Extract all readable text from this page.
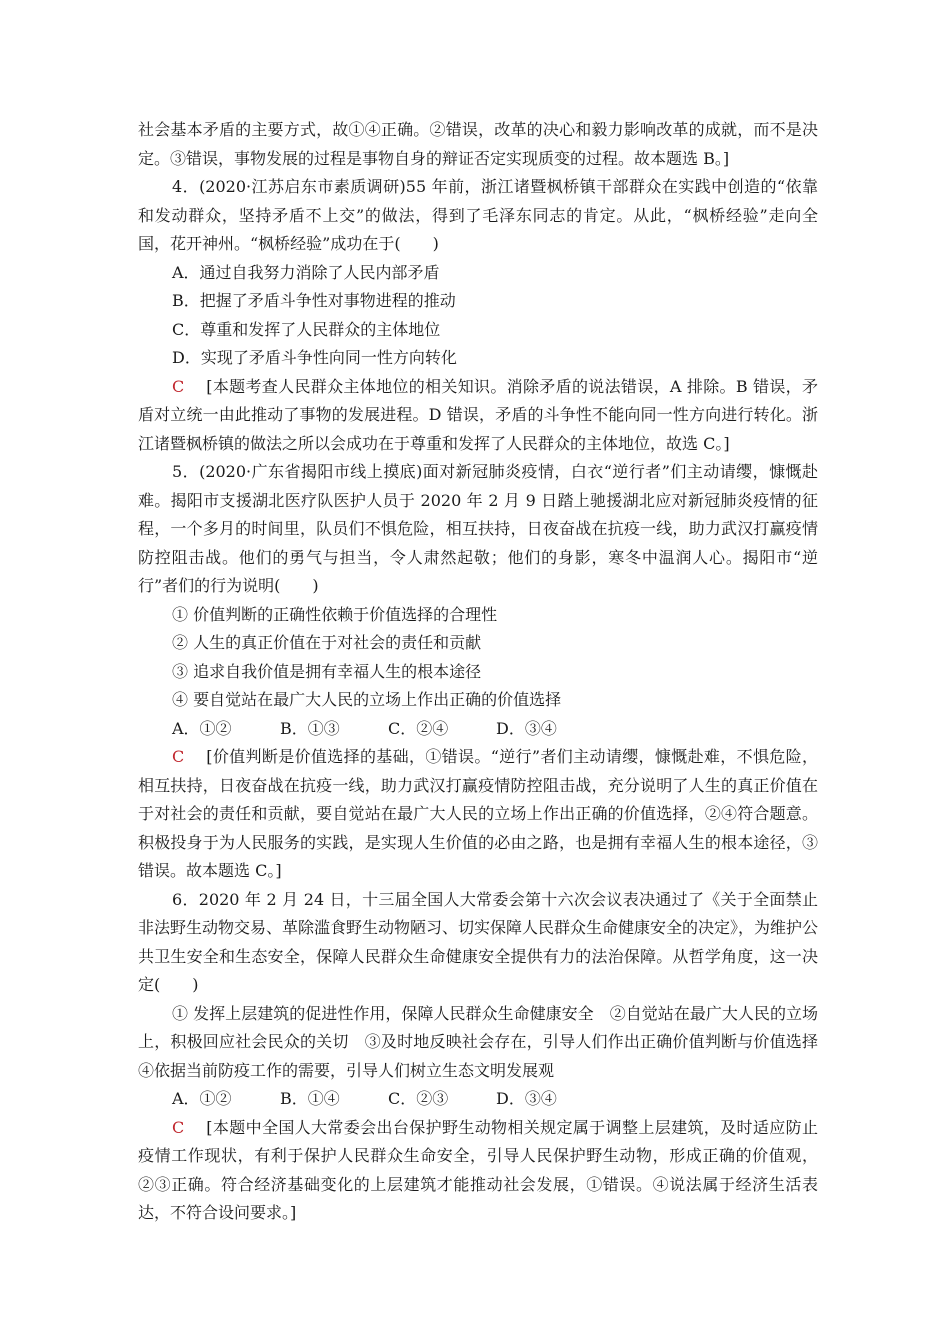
社会基本矛盾的主要方式，故①④正确。②错误，改革的决心和毅力影响改革的成就，而不是决定。③错误，事物发展的过程是事物自身的辩证否定实现质变的过程。故本题选 B。]

4．(2020·江苏启东市素质调研)55 年前，浙江诸暨枫桥镇干部群众在实践中创造的“依靠和发动群众，坚持矛盾不上交”的做法，得到了毛泽东同志的肯定。从此，“枫桥经验”走向全国，花开神州。“枫桥经验”成功在于(　　)

A．通过自我努力消除了人民内部矛盾

B．把握了矛盾斗争性对事物进程的推动

C．尊重和发挥了人民群众的主体地位

D．实现了矛盾斗争性向同一性方向转化

C [本题考查人民群众主体地位的相关知识。消除矛盾的说法错误，A 排除。B 错误，矛盾对立统一由此推动了事物的发展进程。D 错误，矛盾的斗争性不能向同一性方向进行转化。浙江诸暨枫桥镇的做法之所以会成功在于尊重和发挥了人民群众的主体地位，故选 C。]

5．(2020·广东省揭阳市线上摸底)面对新冠肺炎疫情，白衣“逆行者”们主动请缨，慷慨赴难。揭阳市支援湖北医疗队医护人员于 2020 年 2 月 9 日踏上驰援湖北应对新冠肺炎疫情的征程，一个多月的时间里，队员们不惧危险，相互扶持，日夜奋战在抗疫一线，助力武汉打赢疫情防控阻击战。他们的勇气与担当，令人肃然起敬；他们的身影，寒冬中温润人心。揭阳市“逆行”者们的行为说明(　　)

① 价值判断的正确性依赖于价值选择的合理性

② 人生的真正价值在于对社会的责任和贡献

③ 追求自我价值是拥有幸福人生的根本途径

④ 要自觉站在最广大人民的立场上作出正确的价值选择

A．①②	B．①③	C．②④	D．③④

C [价值判断是价值选择的基础，①错误。“逆行”者们主动请缨，慷慨赴难，不惧危险，相互扶持，日夜奋战在抗疫一线，助力武汉打赢疫情防控阻击战，充分说明了人生的真正价值在于对社会的责任和贡献，要自觉站在最广大人民的立场上作出正确的价值选择，②④符合题意。积极投身于为人民服务的实践，是实现人生价值的必由之路，也是拥有幸福人生的根本途径，③错误。故本题选 C。]

6．2020 年 2 月 24 日，十三届全国人大常委会第十六次会议表决通过了《关于全面禁止非法野生动物交易、革除滥食野生动物陋习、切实保障人民群众生命健康安全的决定》，为维护公共卫生安全和生态安全，保障人民群众生命健康安全提供有力的法治保障。从哲学角度，这一决定(　　)

① 发挥上层建筑的促进性作用，保障人民群众生命健康安全　②自觉站在最广大人民的立场上，积极回应社会民众的关切　③及时地反映社会存在，引导人们作出正确价值判断与价值选择　④依据当前防疫工作的需要，引导人们树立生态文明发展观

A．①②	B．①④	C．②③	D．③④

C [本题中全国人大常委会出台保护野生动物相关规定属于调整上层建筑，及时适应防止疫情工作现状，有利于保护人民群众生命安全，引导人民保护野生动物，形成正确的价值观，②③正确。符合经济基础变化的上层建筑才能推动社会发展，①错误。④说法属于经济生活表达，不符合设问要求。]
